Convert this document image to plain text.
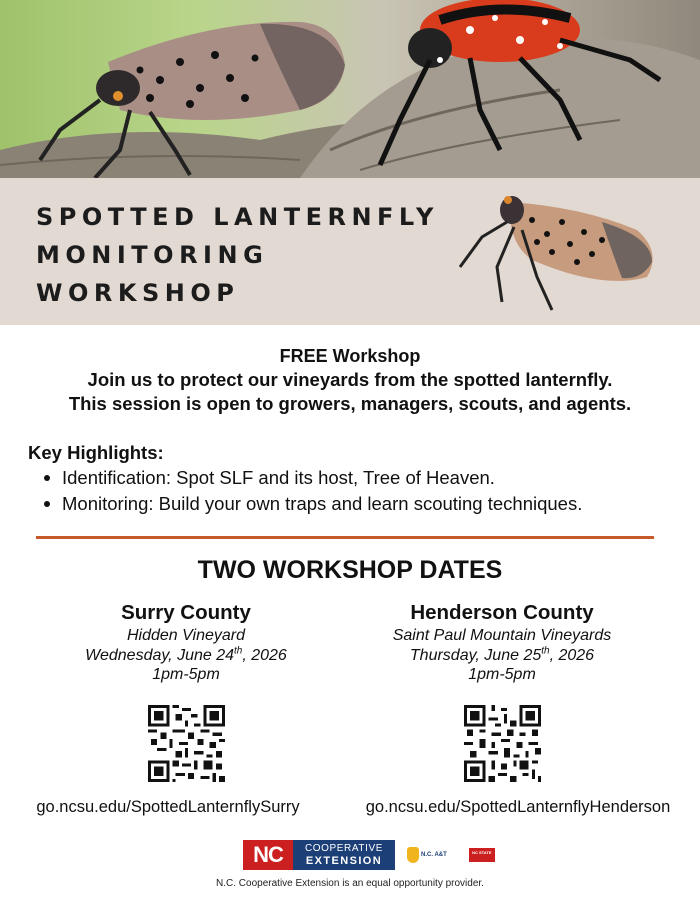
SPOTTED LANTERNFLY
MONITORING
WORKSHOP
FREE Workshop
Join us to protect our vineyards from the spotted lanternfly.
This session is open to growers, managers, scouts, and agents.
Key Highlights:
Identification: Spot SLF and its host, Tree of Heaven.
Monitoring: Build your own traps and learn scouting techniques.
TWO WORKSHOP DATES
Surry County
Hidden Vineyard
Wednesday, June 24th, 2026
1pm-5pm
Henderson County
Saint Paul Mountain Vineyards
Thursday, June 25th, 2026
1pm-5pm
go.ncsu.edu/SpottedLanternflySurry	go.ncsu.edu/SpottedLanternflyHenderson
NC	COOPERATIVE
EXTENSION
N.C. A&T	NC STATE
N.C. Cooperative Extension is an equal opportunity provider.
